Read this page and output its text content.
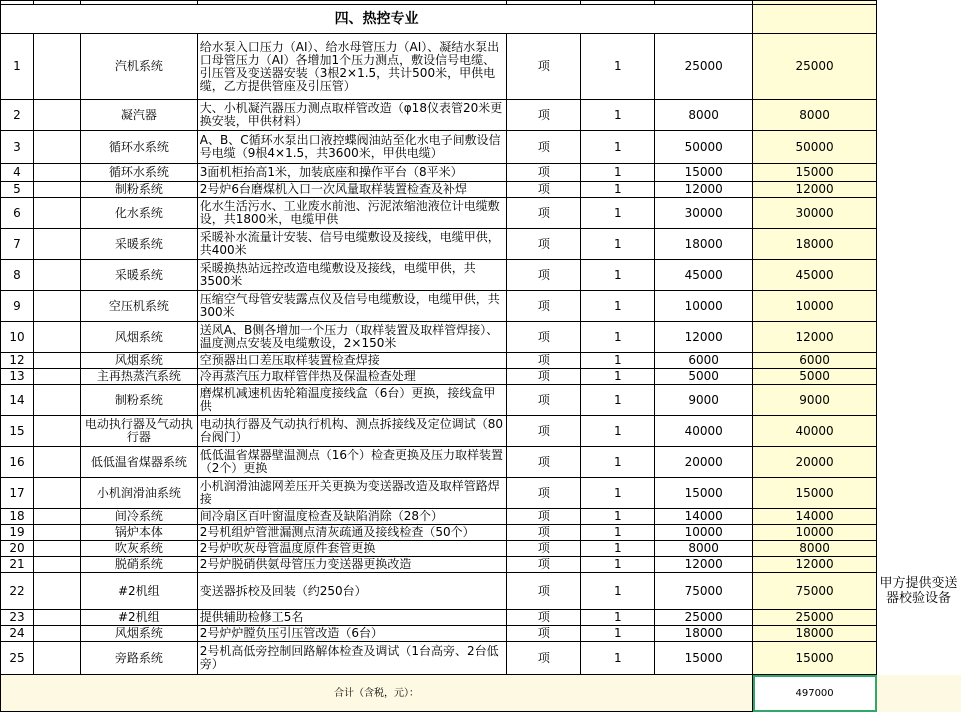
四、热控专业								
1		汽机系统	给水泵入口压力（AI）、给水母管压力（AI）、凝结水泵出口母管压力（AI）各增加1个压力测点，敷设信号电缆、引压管及变送器安装（3根2×1.5，共计500米，甲供电缆，乙方提供管座及引压管）	项	1	25000	25000	
2		凝汽器	大、小机凝汽器压力测点取样管改造（φ18仪表管20米更换安装，甲供材料）	项	1	8000	8000	
3		循环水系统	A、B、C循环水泵出口液控蝶阀油站至化水电子间敷设信号电缆（9根4×1.5，共3600米，甲供电缆）	项	1	50000	50000	
4		循环水系统	3面机柜抬高1米，加装底座和操作平台（8平米）	项	1	15000	15000	
5		制粉系统	2号炉6台磨煤机入口一次风量取样装置检查及补焊	项	1	12000	12000	
6		化水系统	化水生活污水、工业废水前池、污泥浓缩池液位计电缆敷设，共1800米，电缆甲供	项	1	30000	30000	
7		采暖系统	采暖补水流量计安装、信号电缆敷设及接线，电缆甲供，共400米	项	1	18000	18000	
8		采暖系统	采暖换热站远控改造电缆敷设及接线，电缆甲供，共3500米	项	1	45000	45000	
9		空压机系统	压缩空气母管安装露点仪及信号电缆敷设，电缆甲供，共300米	项	1	10000	10000	
10		风烟系统	送风A、B侧各增加一个压力（取样装置及取样管焊接）、温度测点安装及电缆敷设，2×150米	项	1	12000	12000	
12		风烟系统	空预器出口差压取样装置检查焊接	项	1	6000	6000	
13		主再热蒸汽系统	冷再蒸汽压力取样管伴热及保温检查处理	项	1	5000	5000	
14		制粉系统	磨煤机减速机齿轮箱温度接线盒（6台）更换，接线盒甲供	项	1	9000	9000	
15		电动执行器及气动执行器	电动执行器及气动执行机构、测点拆接线及定位调试（80台阀门）	项	1	40000	40000	
16		低低温省煤器系统	低低温省煤器壁温测点（16个）检查更换及压力取样装置（2个）更换	项	1	20000	20000	
17		小机润滑油系统	小机润滑油滤网差压开关更换为变送器改造及取样管路焊接	项	1	15000	15000	
18		间冷系统	间冷扇区百叶窗温度检查及缺陷消除（28个）	项	1	14000	14000	
19		锅炉本体	2号机组炉管泄漏测点清灰疏通及接线检查（50个）	项	1	10000	10000	
20		吹灰系统	2号炉吹灰母管温度原件套管更换	项	1	8000	8000	
21		脱硝系统	2号炉脱硝供氨母管压力变送器更换改造	项	1	12000	12000	
22		#2机组	变送器拆校及回装（约250台）	项	1	75000	75000	甲方提供变送器校验设备
23		#2机组	提供辅助检修工5名	项	1	25000	25000	
24		风烟系统	2号炉炉膛负压引压管改造（6台）	项	1	18000	18000	
25		旁路系统	2号机高低旁控制回路解体检查及调试（1台高旁、2台低旁）	项	1	15000	15000	
合计（含税，元）：							497000	
